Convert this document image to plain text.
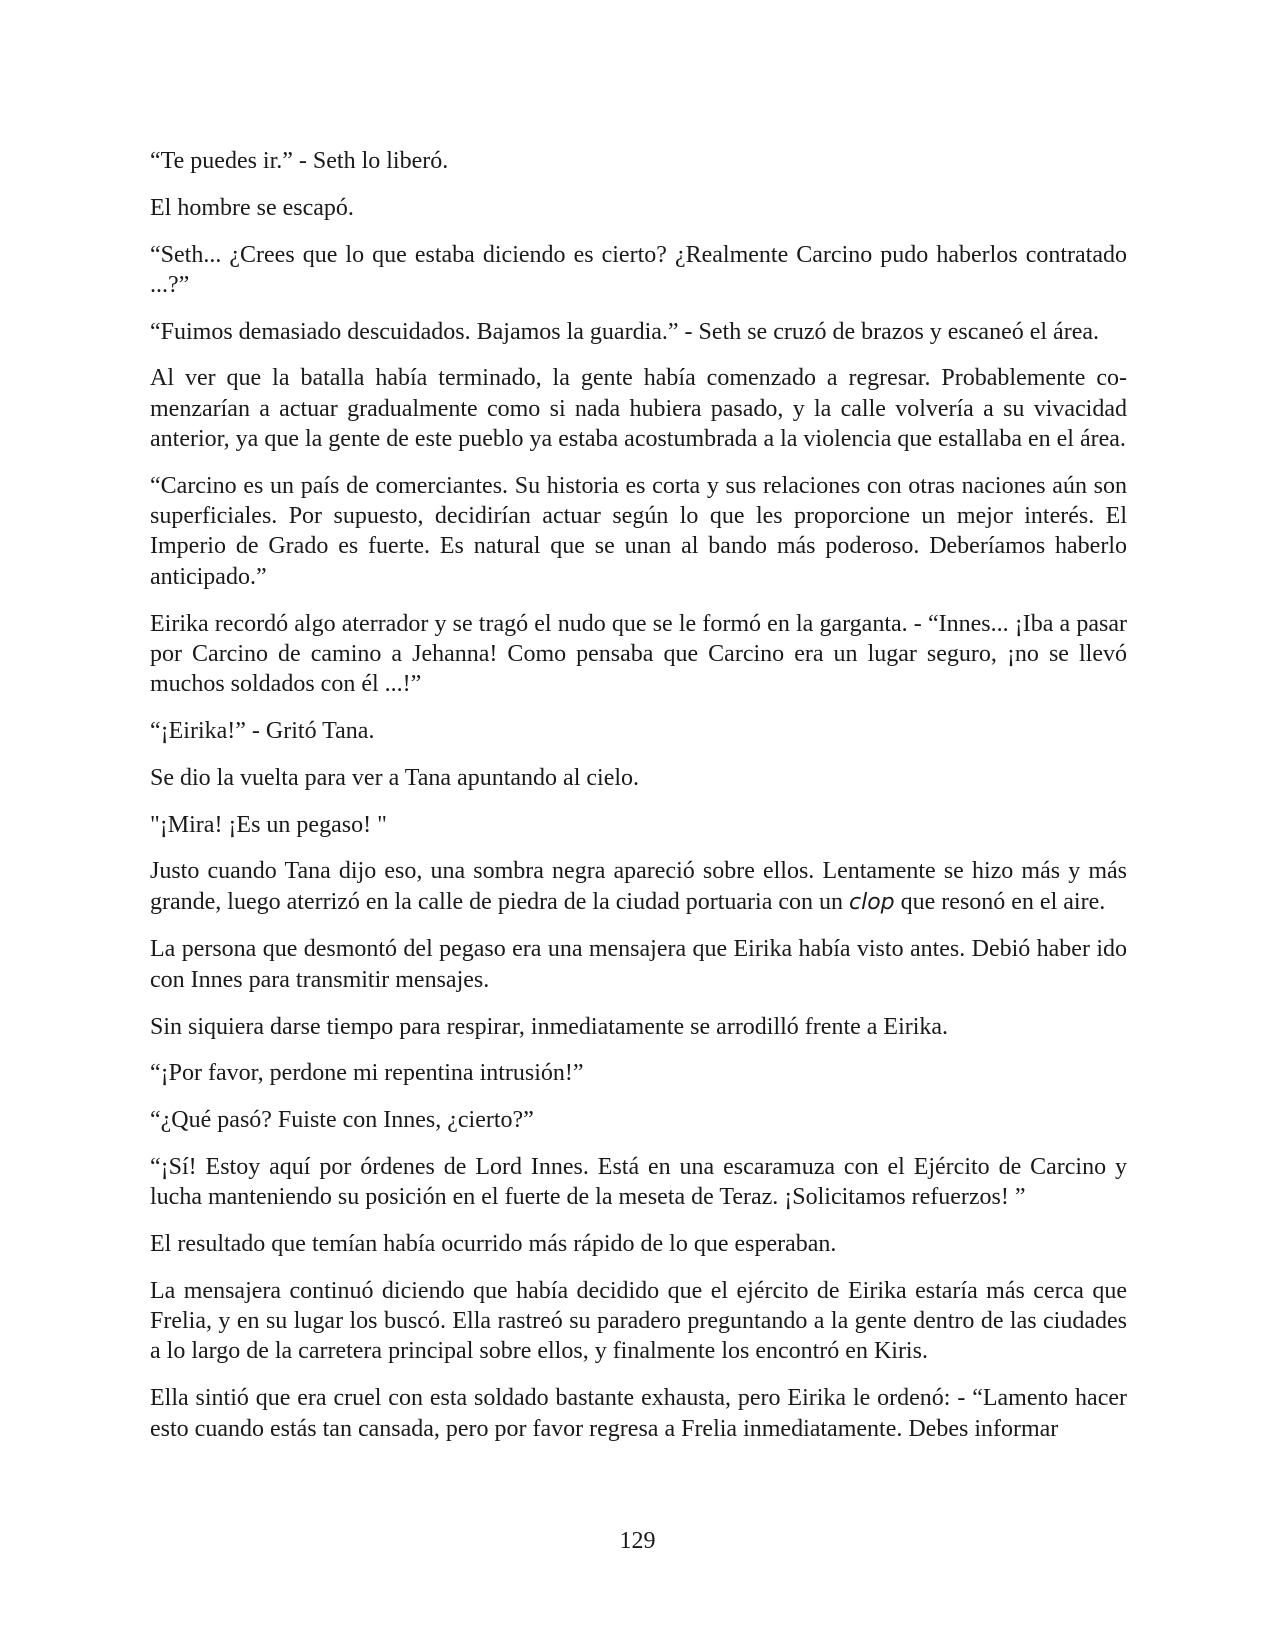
“Te puedes ir.” - Seth lo liberó.

El hombre se escapó.

“Seth... ¿Crees que lo que estaba diciendo es cierto? ¿Realmente Carcino pudo haberlos contratado ...?”

“Fuimos demasiado descuidados. Bajamos la guardia.” - Seth se cruzó de brazos y escaneó el área.

Al ver que la batalla había terminado, la gente había comenzado a regresar. Probablemente comenzarían a actuar gradualmente como si nada hubiera pasado, y la calle volvería a su vivacidad anterior, ya que la gente de este pueblo ya estaba acostumbrada a la violencia que estallaba en el área.

“Carcino es un país de comerciantes. Su historia es corta y sus relaciones con otras naciones aún son superficiales. Por supuesto, decidirían actuar según lo que les proporcione un mejor interés. El Imperio de Grado es fuerte. Es natural que se unan al bando más poderoso. Deberíamos haberlo anticipado.”

Eirika recordó algo aterrador y se tragó el nudo que se le formó en la garganta. - “Innes... ¡Iba a pasar por Carcino de camino a Jehanna! Como pensaba que Carcino era un lugar seguro, ¡no se llevó muchos soldados con él ...!”

“¡Eirika!” - Gritó Tana.

Se dio la vuelta para ver a Tana apuntando al cielo.

"¡Mira! ¡Es un pegaso! "

Justo cuando Tana dijo eso, una sombra negra apareció sobre ellos. Lentamente se hizo más y más grande, luego aterrizó en la calle de piedra de la ciudad portuaria con un clop que resonó en el aire.

La persona que desmontó del pegaso era una mensajera que Eirika había visto antes. Debió haber ido con Innes para transmitir mensajes.

Sin siquiera darse tiempo para respirar, inmediatamente se arrodilló frente a Eirika.

“¡Por favor, perdone mi repentina intrusión!”

“¿Qué pasó? Fuiste con Innes, ¿cierto?”

“¡Sí! Estoy aquí por órdenes de Lord Innes. Está en una escaramuza con el Ejército de Carcino y lucha manteniendo su posición en el fuerte de la meseta de Teraz. ¡Solicitamos refuerzos! ”

El resultado que temían había ocurrido más rápido de lo que esperaban.

La mensajera continuó diciendo que había decidido que el ejército de Eirika estaría más cerca que Frelia, y en su lugar los buscó. Ella rastreó su paradero preguntando a la gente dentro de las ciudades a lo largo de la carretera principal sobre ellos, y finalmente los encontró en Kiris.

Ella sintió que era cruel con esta soldado bastante exhausta, pero Eirika le ordenó: - “Lamento hacer esto cuando estás tan cansada, pero por favor regresa a Frelia inmediatamente. Debes informar

129
